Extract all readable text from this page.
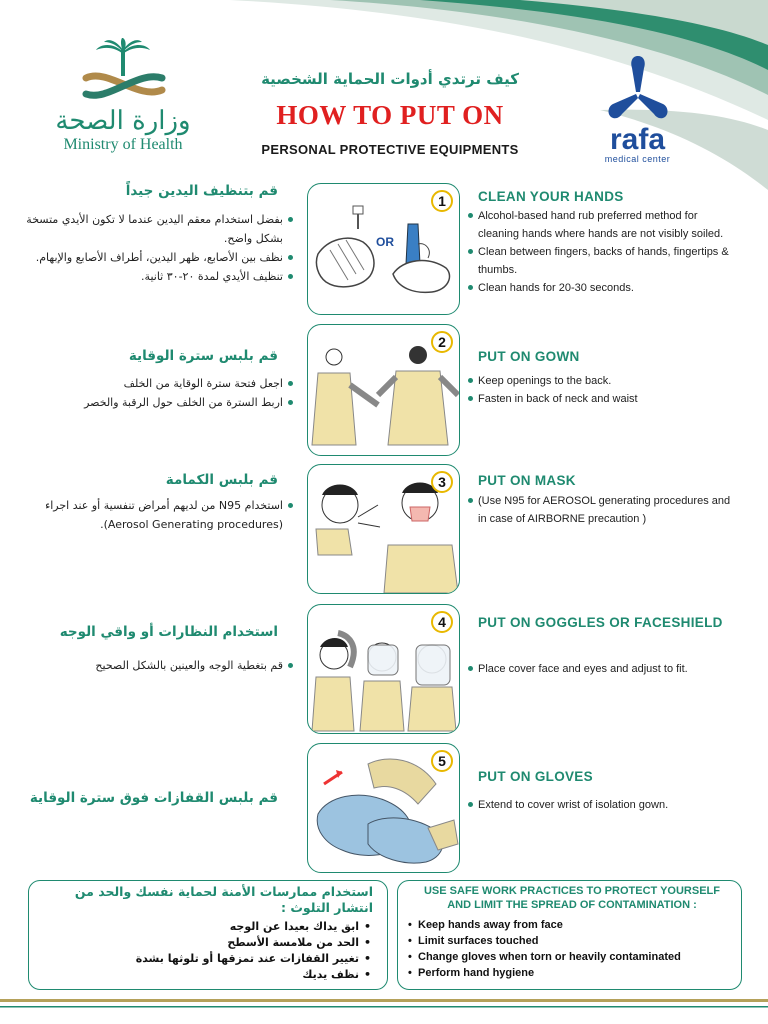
وزارة الصحة
Ministry of Health
كيف ترتدي أدوات الحماية الشخصية
HOW TO PUT ON
PERSONAL PROTECTIVE EQUIPMENTS	rafa
medical center
قم بتنظيف اليدين جيداً
بفضل استخدام معقم اليدين عندما لا تكون الأيدي متسخة بشكل واضح.
نظف بين الأصابع، ظهر اليدين، أطراف الأصابع والإبهام.
تنظيف الأيدي لمدة ٢٠-٣٠ ثانية.
1
OR
CLEAN YOUR HANDS
Alcohol-based hand rub preferred method for cleaning hands where hands are not visibly soiled.
Clean between fingers, backs of hands, fingertips & thumbs.
Clean hands for 20-30 seconds.
قم بلبس سترة الوقاية
اجعل فتحة سترة الوقاية من الخلف
اربط السترة من الخلف حول الرقبة والخصر
2
PUT ON GOWN
Keep openings to the back.
Fasten in back of neck and waist
قم بلبس الكمامة
استخدام N95 من لديهم أمراض تنفسية أو عند اجراء (Aerosol Generating procedures).
3	PUT ON MASK
(Use N95 for AEROSOL generating procedures and in case of AIRBORNE precaution )
استخدام النظارات أو واقي الوجه
قم بتغطية الوجه والعينين بالشكل الصحيح
4	PUT ON GOGGLES OR FACESHIELD
Place cover face and eyes and adjust to fit.
قم بلبس القفازات فوق سترة الوقاية
5
PUT ON GLOVES
Extend to cover wrist of isolation gown.
استخدام ممارسات الأمنة لحماية نفسك والحد من انتشار التلوث :
• ابق يداك بعيدا عن الوجه
• الحد من ملامسة الأسطح
• تغيير القفازات عند تمزقها أو تلوثها بشدة
• نظف يديك
USE SAFE WORK PRACTICES TO PROTECT YOURSELF AND LIMIT THE SPREAD OF CONTAMINATION :
• Keep hands away from face
• Limit surfaces touched
• Change gloves when torn or heavily contaminated
• Perform hand hygiene
